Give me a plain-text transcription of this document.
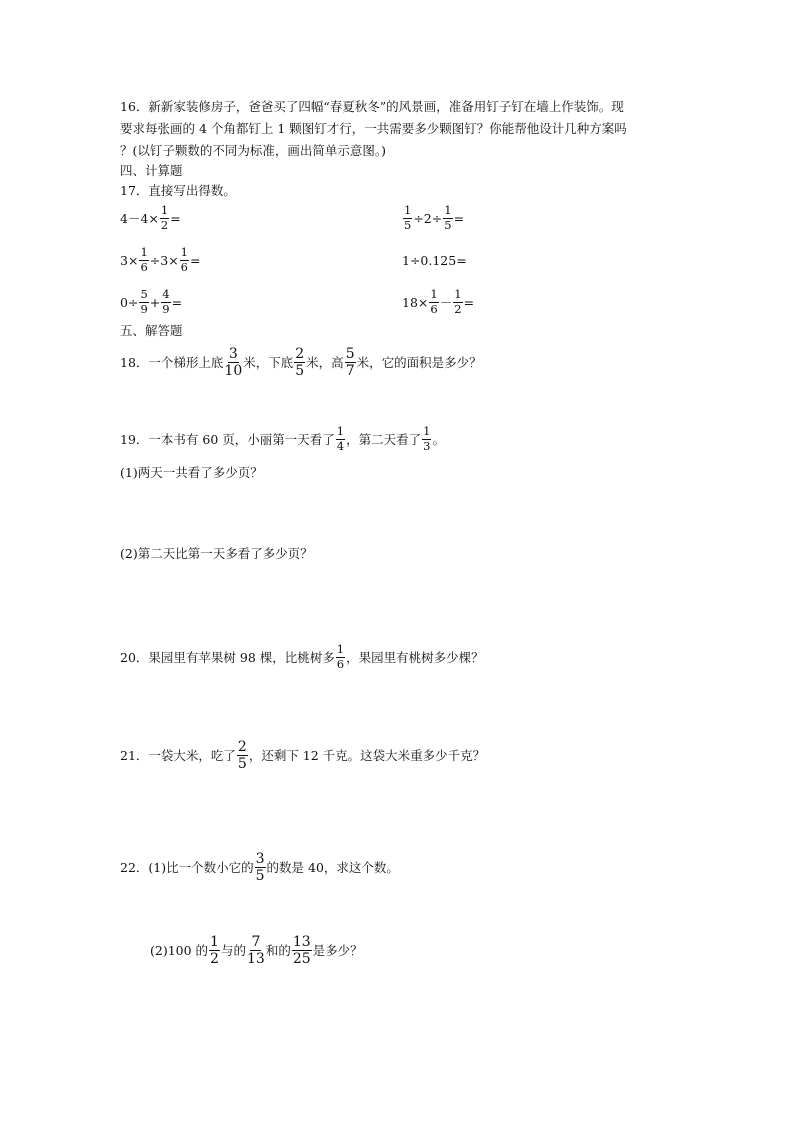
16．新新家装修房子，爸爸买了四幅“春夏秋冬”的风景画，准备用钉子钉在墙上作装饰。现
要求每张画的 4 个角都钉上 1 颗图钉才行，一共需要多少颗图钉？你能帮他设计几种方案吗
？(以钉子颗数的不同为标准，画出简单示意图。)
四、计算题
17．直接写出得数。
$4-4\times \frac{1}{2}$ =	$\frac{1}{5} \div 2\div \frac{1}{5}$ =
$3\times \frac{1}{6} \div 3\times \frac{1}{6}$ =	1÷0.125=
$0\div \frac{5}{9} + \frac{4}{9}$ =	$18\times \frac{1}{6} - \frac{1}{2}$ =
五、解答题
18．一个梯形上底 $\frac{3}{10}$ 米，下底 $\frac{2}{5}$ 米，高 $\frac{5}{7}$ 米，它的面积是多少？
19．一本书有 60 页，小丽第一天看了 $\frac{1}{4}$ ，第二天看了 $\frac{1}{3}$ 。
(1)两天一共看了多少页？
(2)第二天比第一天多看了多少页？
20．果园里有苹果树 98 棵，比桃树多 $\frac{1}{6}$ ，果园里有桃树多少棵？
21．一袋大米，吃了 $\frac{2}{5}$ ，还剩下 12 千克。这袋大米重多少千克？
22．(1)比一个数小它的 $\frac{3}{5}$ 的数是 40，求这个数。
(2)100 的 $\frac{1}{2}$ 与的 $\frac{7}{13}$ 和的 $\frac{13}{25}$ 是多少？
